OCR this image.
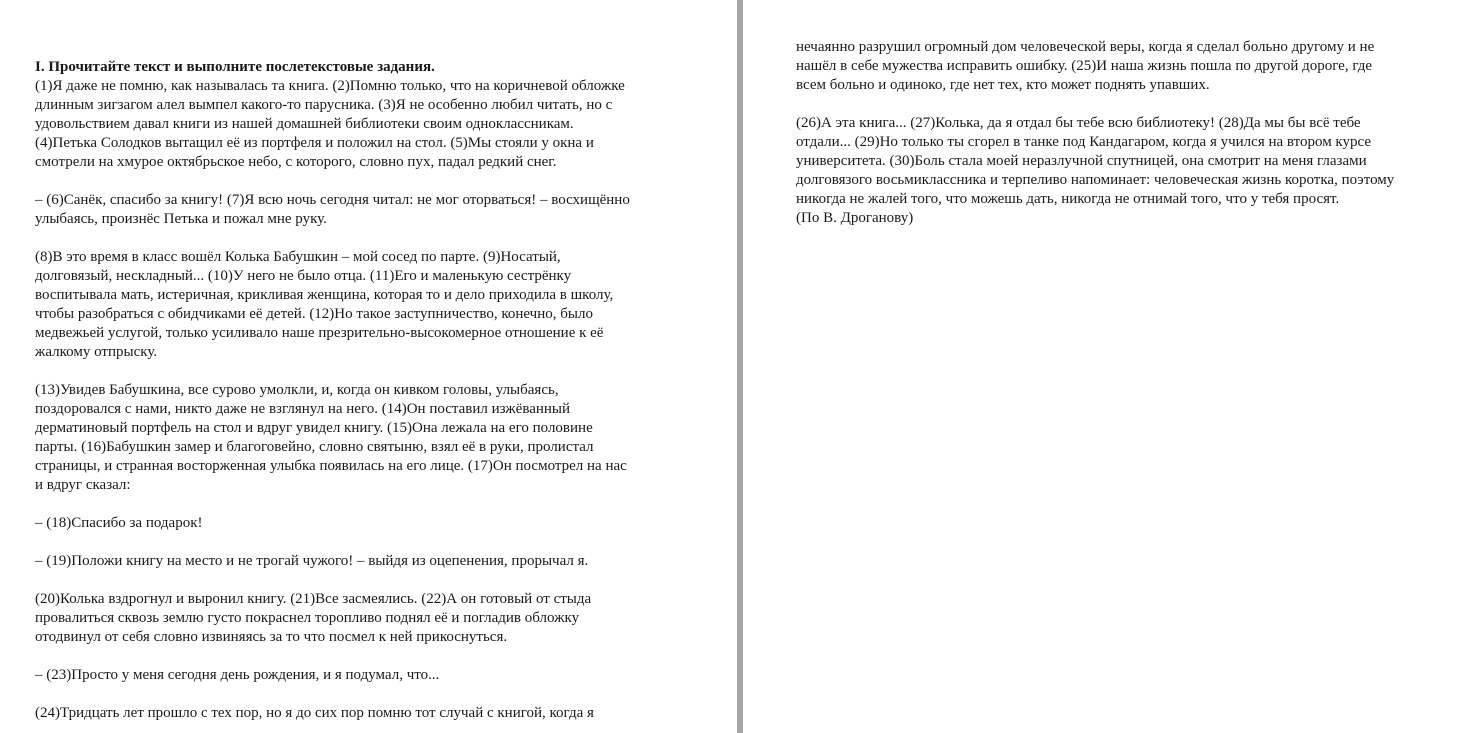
I. Прочитайте текст и выполните послетекстовые задания.
(1)Я даже не помню, как называлась та книга. (2)Помню только, что на коричневой обложке
длинным зигзагом алел вымпел какого-то парусника. (3)Я не особенно любил читать, но с
удовольствием давал книги из нашей домашней библиотеки своим одноклассникам.
(4)Петька Солодков вытащил её из портфеля и положил на стол. (5)Мы стояли у окна и
смотрели на хмурое октябрьское небо, с которого, словно пух, падал редкий снег.
– (6)Санёк, спасибо за книгу! (7)Я всю ночь сегодня читал: не мог оторваться! – восхищённо
улыбаясь, произнёс Петька и пожал мне руку.
(8)В это время в класс вошёл Колька Бабушкин – мой сосед по парте. (9)Носатый,
долговязый, нескладный... (10)У него не было отца. (11)Его и маленькую сестрёнку
воспитывала мать, истеричная, крикливая женщина, которая то и дело приходила в школу,
чтобы разобраться с обидчиками её детей. (12)Но такое заступничество, конечно, было
медвежьей услугой, только усиливало наше презрительно-высокомерное отношение к её
жалкому отпрыску.
(13)Увидев Бабушкина, все сурово умолкли, и, когда он кивком головы, улыбаясь,
поздоровался с нами, никто даже не взглянул на него. (14)Он поставил изжёванный
дерматиновый портфель на стол и вдруг увидел книгу. (15)Она лежала на его половине
парты. (16)Бабушкин замер и благоговейно, словно святыню, взял её в руки, пролистал
страницы, и странная восторженная улыбка появилась на его лице. (17)Он посмотрел на нас
и вдруг сказал:
– (18)Спасибо за подарок!
– (19)Положи книгу на место и не трогай чужого! – выйдя из оцепенения, прорычал я.
(20)Колька вздрогнул и выронил книгу. (21)Все засмеялись. (22)А он готовый от стыда
провалиться сквозь землю густо покраснел торопливо поднял её и погладив обложку
отодвинул от себя словно извиняясь за то что посмел к ней прикоснуться.
– (23)Просто у меня сегодня день рождения, и я подумал, что...
(24)Тридцать лет прошло с тех пор, но я до сих пор помню тот случай с книгой, когда я
нечаянно разрушил огромный дом человеческой веры, когда я сделал больно другому и не
нашёл в себе мужества исправить ошибку. (25)И наша жизнь пошла по другой дороге, где
всем больно и одиноко, где нет тех, кто может поднять упавших.
(26)А эта книга... (27)Колька, да я отдал бы тебе всю библиотеку! (28)Да мы бы всё тебе
отдали... (29)Но только ты сгорел в танке под Кандагаром, когда я учился на втором курсе
университета. (30)Боль стала моей неразлучной спутницей, она смотрит на меня глазами
долговязого восьмиклассника и терпеливо напоминает: человеческая жизнь коротка, поэтому
никогда не жалей того, что можешь дать, никогда не отнимай того, что у тебя просят.
(По В. Дроганову)
